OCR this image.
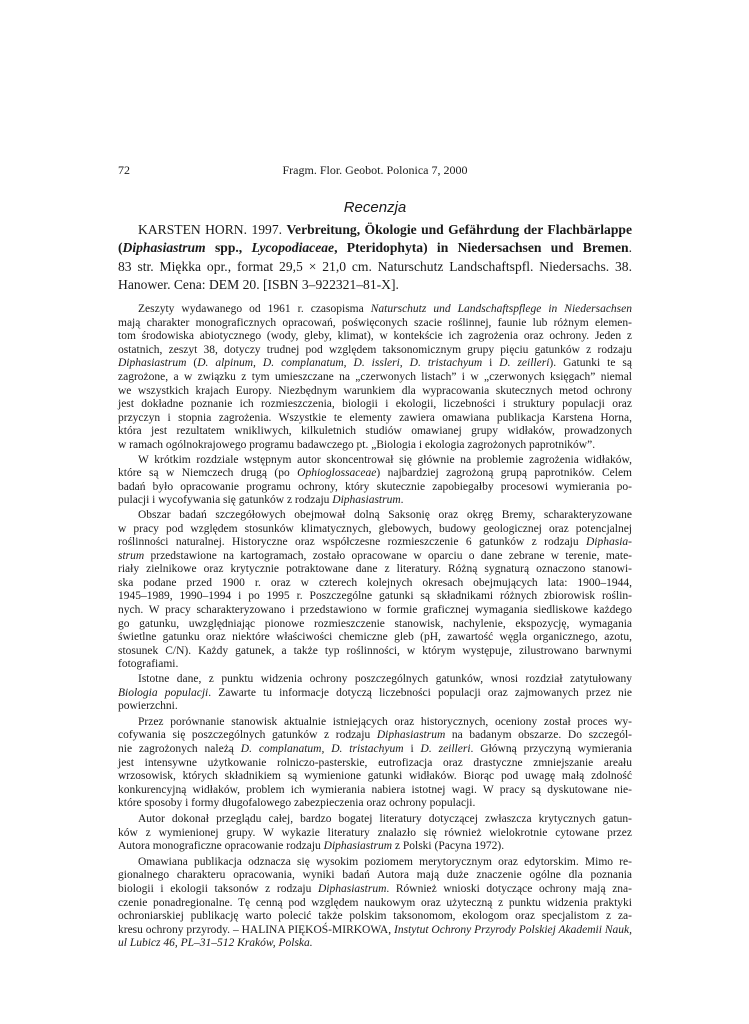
72	Fragm. Flor. Geobot. Polonica 7, 2000
Recenzja
KARSTEN HORN. 1997. Verbreitung, Ökologie und Gefährdung der Flachbärlappe
(Diphasiastrum spp., Lycopodiaceae, Pteridophyta) in Niedersachsen und Bremen.
83 str. Miękka opr., format 29,5 × 21,0 cm. Naturschutz Landschaftspfl. Niedersachs. 38.
Hanower. Cena: DEM 20. [ISBN 3–922321–81-X].
Zeszyty wydawanego od 1961 r. czasopisma Naturschutz und Landschaftspflege in Niedersachsen
mają charakter monograficznych opracowań, poświęconych szacie roślinnej, faunie lub różnym elemen-
tom środowiska abiotycznego (wody, gleby, klimat), w kontekście ich zagrożenia oraz ochrony. Jeden z
ostatnich, zeszyt 38, dotyczy trudnej pod względem taksonomicznym grupy pięciu gatunków z rodzaju
Diphasiastrum (D. alpinum, D. complanatum, D. issleri, D. tristachyum i D. zeilleri). Gatunki te są
zagrożone, a w związku z tym umieszczane na „czerwonych listach” i w „czerwonych księgach” niemal
we wszystkich krajach Europy. Niezbędnym warunkiem dla wypracowania skutecznych metod ochrony
jest dokładne poznanie ich rozmieszczenia, biologii i ekologii, liczebności i struktury populacji oraz
przyczyn i stopnia zagrożenia. Wszystkie te elementy zawiera omawiana publikacja Karstena Horna,
która jest rezultatem wnikliwych, kilkuletnich studiów omawianej grupy widłaków, prowadzonych
w ramach ogólnokrajowego programu badawczego pt. „Biologia i ekologia zagrożonych paprotników”.
W krótkim rozdziale wstępnym autor skoncentrował się głównie na problemie zagrożenia widłaków,
które są w Niemczech drugą (po Ophioglossaceae) najbardziej zagrożoną grupą paprotników. Celem
badań było opracowanie programu ochrony, który skutecznie zapobiegałby procesowi wymierania po-
pulacji i wycofywania się gatunków z rodzaju Diphasiastrum.
Obszar badań szczegółowych obejmował dolną Saksonię oraz okręg Bremy, scharakteryzowane
w pracy pod względem stosunków klimatycznych, glebowych, budowy geologicznej oraz potencjalnej
roślinności naturalnej. Historyczne oraz współczesne rozmieszczenie 6 gatunków z rodzaju Diphasia-
strum przedstawione na kartogramach, zostało opracowane w oparciu o dane zebrane w terenie, mate-
riały zielnikowe oraz krytycznie potraktowane dane z literatury. Różną sygnaturą oznaczono stanowi-
ska podane przed 1900 r. oraz w czterech kolejnych okresach obejmujących lata: 1900–1944,
1945–1989, 1990–1994 i po 1995 r. Poszczególne gatunki są składnikami różnych zbiorowisk roślin-
nych. W pracy scharakteryzowano i przedstawiono w formie graficznej wymagania siedliskowe każdego
go gatunku, uwzględniając pionowe rozmieszczenie stanowisk, nachylenie, ekspozycję, wymagania
świetlne gatunku oraz niektóre właściwości chemiczne gleb (pH, zawartość węgla organicznego, azotu,
stosunek C/N). Każdy gatunek, a także typ roślinności, w którym występuje, zilustrowano barwnymi
fotografiami.
Istotne dane, z punktu widzenia ochrony poszczególnych gatunków, wnosi rozdział zatytułowany
Biologia populacji. Zawarte tu informacje dotyczą liczebności populacji oraz zajmowanych przez nie
powierzchni.
Przez porównanie stanowisk aktualnie istniejących oraz historycznych, oceniony został proces wy-
cofywania się poszczególnych gatunków z rodzaju Diphasiastrum na badanym obszarze. Do szczegól-
nie zagrożonych należą D. complanatum, D. tristachyum i D. zeilleri. Główną przyczyną wymierania
jest intensywne użytkowanie rolniczo-pasterskie, eutrofizacja oraz drastyczne zmniejszanie areału
wrzosowisk, których składnikiem są wymienione gatunki widłaków. Biorąc pod uwagę małą zdolność
konkurencyjną widłaków, problem ich wymierania nabiera istotnej wagi. W pracy są dyskutowane nie-
które sposoby i formy długofalowego zabezpieczenia oraz ochrony populacji.
Autor dokonał przeglądu całej, bardzo bogatej literatury dotyczącej zwłaszcza krytycznych gatun-
ków z wymienionej grupy. W wykazie literatury znalazło się również wielokrotnie cytowane przez
Autora monograficzne opracowanie rodzaju Diphasiastrum z Polski (Pacyna 1972).
Omawiana publikacja odznacza się wysokim poziomem merytorycznym oraz edytorskim. Mimo re-
gionalnego charakteru opracowania, wyniki badań Autora mają duże znaczenie ogólne dla poznania
biologii i ekologii taksonów z rodzaju Diphasiastrum. Również wnioski dotyczące ochrony mają zna-
czenie ponadregionalne. Tę cenną pod względem naukowym oraz użyteczną z punktu widzenia praktyki
ochroniarskiej publikację warto polecić także polskim taksonomom, ekologom oraz specjalistom z za-
kresu ochrony przyrody. – HALINA PIĘKOŚ-MIRKOWA, Instytut Ochrony Przyrody Polskiej Akademii Nauk,
ul Lubicz 46, PL–31–512 Kraków, Polska.
